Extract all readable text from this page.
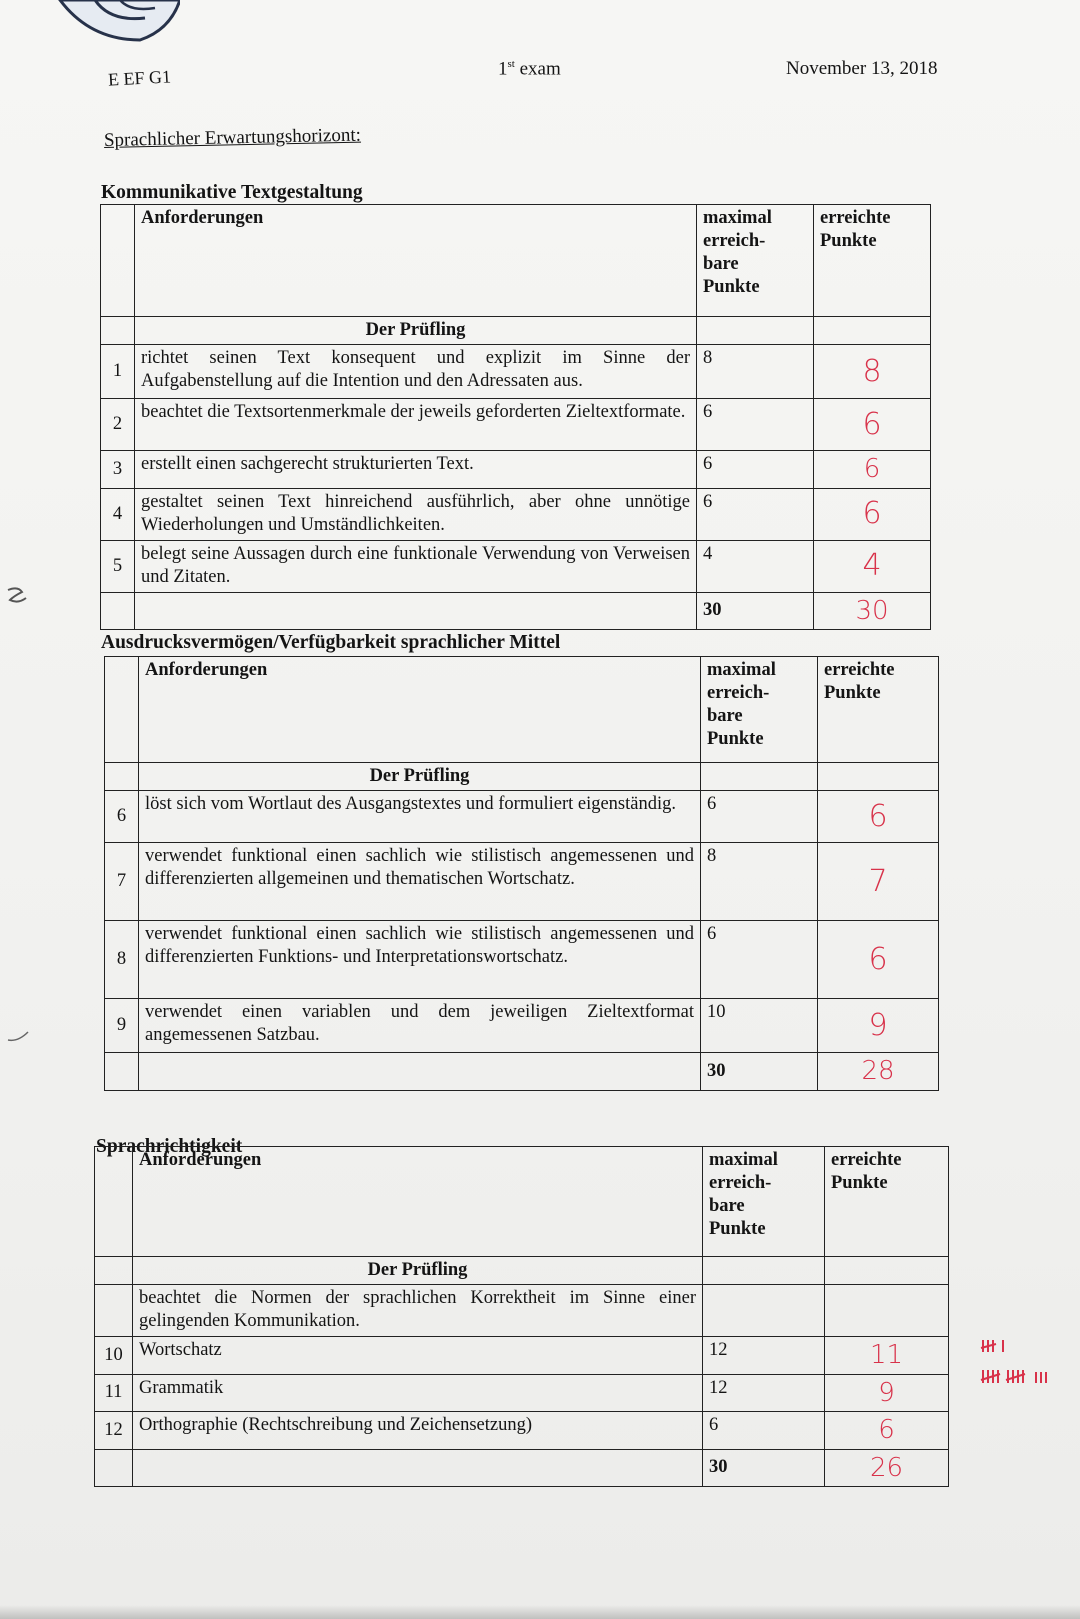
E EF G1	1st exam	November 13, 2018
Sprachlicher Erwartungshorizont:
Kommunikative Textgestaltung
	Anforderungen	maximal
erreich-
bare
Punkte	erreichte
Punkte
	Der Prüfling		
1	richtet seinen Text konsequent und explizit im Sinne der Aufgabenstellung auf die Intention und den Adressaten aus.	8	8
2	beachtet die Textsortenmerkmale der jeweils geforderten Zieltextformate.	6	6
3	erstellt einen sachgerecht strukturierten Text.	6	6
4	gestaltet seinen Text hinreichend ausführlich, aber ohne unnötige Wiederholungen und Umständlichkeiten.	6	6
5	belegt seine Aussagen durch eine funktionale Verwendung von Verweisen und Zitaten.	4	4
		30	30
Ausdrucksvermögen/Verfügbarkeit sprachlicher Mittel
	Anforderungen	maximal
erreich-
bare
Punkte	erreichte
Punkte
	Der Prüfling		
6	löst sich vom Wortlaut des Ausgangstextes und formuliert eigenständig.	6	6
7	verwendet funktional einen sachlich wie stilistisch angemessenen und differenzierten allgemeinen und thematischen Wortschatz.	8	7
8	verwendet funktional einen sachlich wie stilistisch angemessenen und differenzierten Funktions- und Interpretationswortschatz.	6	6
9	verwendet einen variablen und dem jeweiligen Zieltextformat angemessenen Satzbau.	10	9
		30	28
Sprachrichtigkeit
	Anforderungen	maximal
erreich-
bare
Punkte	erreichte
Punkte
	Der Prüfling		
	beachtet die Normen der sprachlichen Korrektheit im Sinne einer gelingenden Kommunikation.		
10	Wortschatz	12	11
11	Grammatik	12	9
12	Orthographie (Rechtschreibung und Zeichensetzung)	6	6
		30	26
